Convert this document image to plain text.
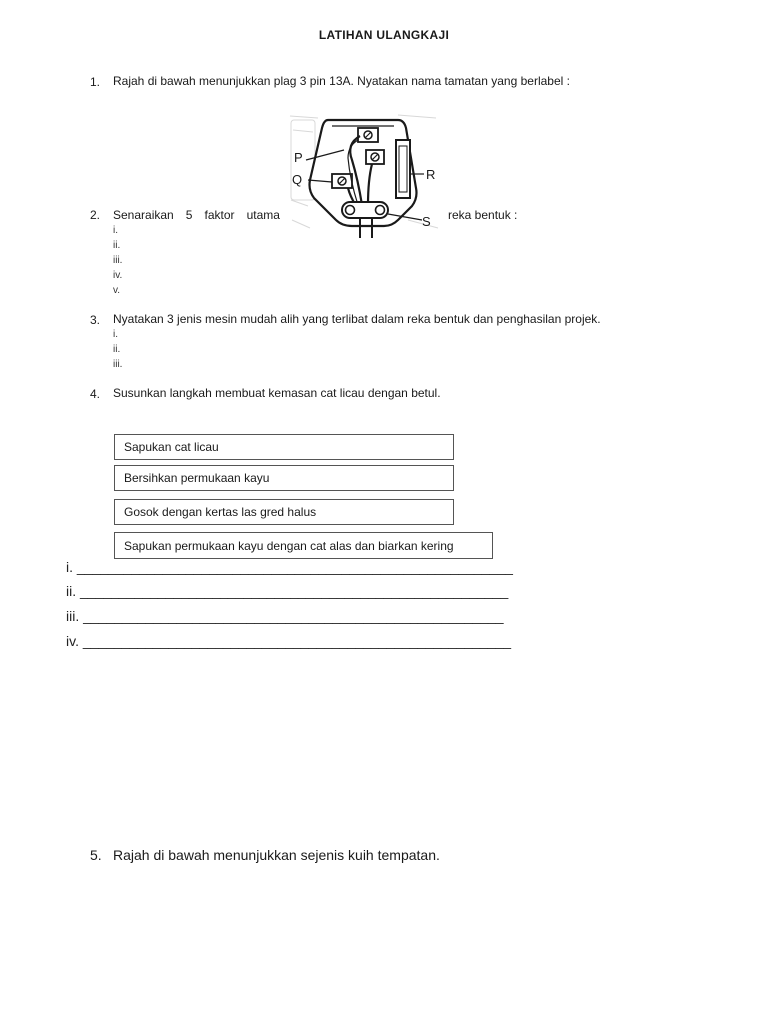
LATIHAN ULANGKAJI
1. Rajah di bawah menunjukkan plag 3 pin 13A. Nyatakan nama tamatan yang berlabel :
P
Q	R
S
2. Senaraikan 5 faktor utama	reka bentuk :
i.
ii.
iii.
iv.
v.
3. Nyatakan 3 jenis mesin mudah alih yang terlibat dalam reka bentuk dan penghasilan projek.
i.
ii.
iii.
4. Susunkan langkah membuat kemasan cat licau dengan betul.
Sapukan cat licau
Bersihkan permukaan kayu
Gosok dengan kertas las gred halus
Sapukan permukaan kayu dengan cat alas dan biarkan kering
i. ________________________________________________________
ii. _______________________________________________________
iii. ______________________________________________________
iv. _______________________________________________________
5. Rajah di bawah menunjukkan sejenis kuih tempatan.
